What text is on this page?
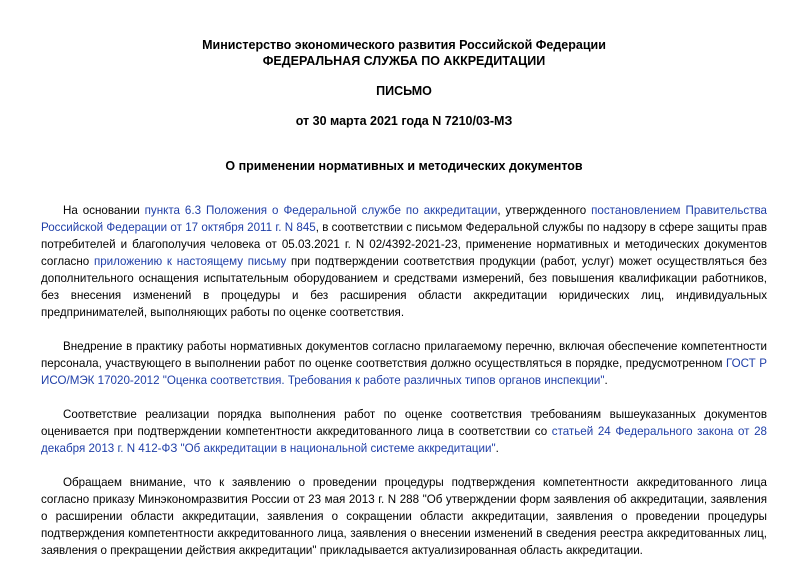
Министерство экономического развития Российской Федерации
ФЕДЕРАЛЬНАЯ СЛУЖБА ПО АККРЕДИТАЦИИ
ПИСЬМО
от 30 марта 2021 года N 7210/03-МЗ
О применении нормативных и методических документов

На основании пункта 6.3 Положения о Федеральной службе по аккредитации, утвержденного постановлением Правительства Российской Федерации от 17 октября 2011 г. N 845, в соответствии с письмом Федеральной службы по надзору в сфере защиты прав потребителей и благополучия человека от 05.03.2021 г. N 02/4392-2021-23, применение нормативных и методических документов согласно приложению к настоящему письму при подтверждении соответствия продукции (работ, услуг) может осуществляться без дополнительного оснащения испытательным оборудованием и средствами измерений, без повышения квалификации работников, без внесения изменений в процедуры и без расширения области аккредитации юридических лиц, индивидуальных предпринимателей, выполняющих работы по оценке соответствия.

Внедрение в практику работы нормативных документов согласно прилагаемому перечню, включая обеспечение компетентности персонала, участвующего в выполнении работ по оценке соответствия должно осуществляться в порядке, предусмотренном ГОСТ Р ИСО/МЭК 17020-2012 "Оценка соответствия. Требования к работе различных типов органов инспекции".

Соответствие реализации порядка выполнения работ по оценке соответствия требованиям вышеуказанных документов оценивается при подтверждении компетентности аккредитованного лица в соответствии со статьей 24 Федерального закона от 28 декабря 2013 г. N 412-ФЗ "Об аккредитации в национальной системе аккредитации".

Обращаем внимание, что к заявлению о проведении процедуры подтверждения компетентности аккредитованного лица согласно приказу Минэкономразвития России от 23 мая 2013 г. N 288 "Об утверждении форм заявления об аккредитации, заявления о расширении области аккредитации, заявления о сокращении области аккредитации, заявления о проведении процедуры подтверждения компетентности аккредитованного лица, заявления о внесении изменений в сведения реестра аккредитованных лиц, заявления о прекращении действия аккредитации" прикладывается актуализированная область аккредитации.
